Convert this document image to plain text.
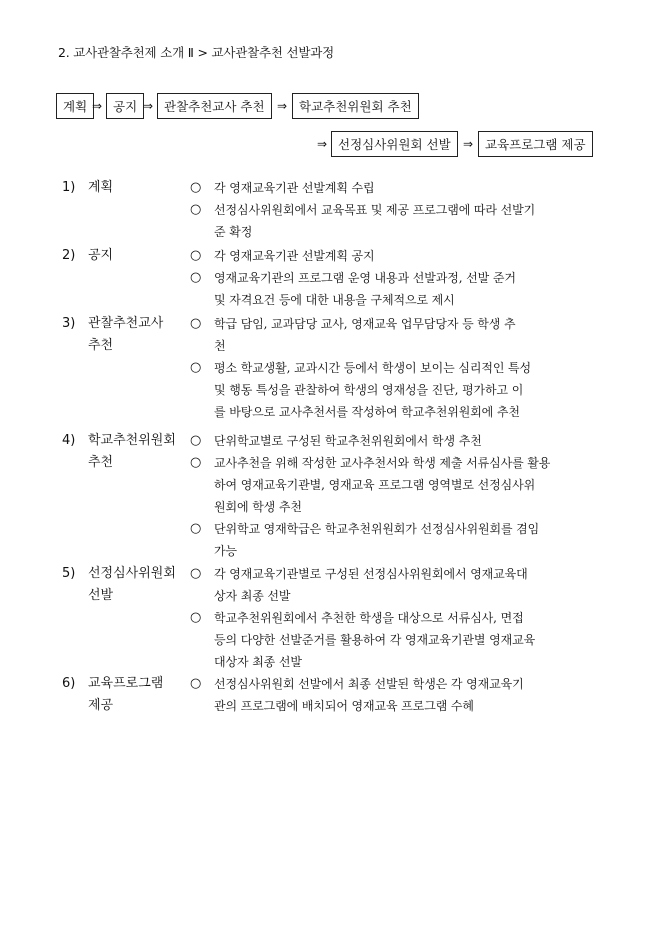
2. 교사관찰추천제 소개 Ⅱ > 교사관찰추천 선발과정
계획 ⇒ 공지 ⇒ 관찰추천교사 추천	⇒ 학교추천위원회 추천
⇒ 선정심사위원회 선발	⇒ 교육프로그램 제공
1) 계획	○	각 영재교육기관 선발계획 수립
○	선정심사위원회에서 교육목표 및 제공 프로그램에 따라 선발기
준 확정
2) 공지	○	각 영재교육기관 선발계획 공지
○	영재교육기관의 프로그램 운영 내용과 선발과정, 선발 준거
및 자격요건 등에 대한 내용을 구체적으로 제시
3) 관찰추천교사
추천
○	학급 담임, 교과담당 교사, 영재교육 업무담당자 등 학생 추
천
○	평소 학교생활, 교과시간 등에서 학생이 보이는 심리적인 특성
및 행동 특성을 관찰하여 학생의 영재성을 진단, 평가하고 이
를 바탕으로 교사추천서를 작성하여 학교추천위원회에 추천
4) 학교추천위원회
추천
○	단위학교별로 구성된 학교추천위원회에서 학생 추천
○	교사추천을 위해 작성한 교사추천서와 학생 제출 서류심사를 활용
하여 영재교육기관별, 영재교육 프로그램 영역별로 선정심사위
원회에 학생 추천
○	단위학교 영재학급은 학교추천위원회가 선정심사위원회를 겸임
가능
5) 선정심사위원회
선발
○	각 영재교육기관별로 구성된 선정심사위원회에서 영재교육대
상자 최종 선발
○	학교추천위원회에서 추천한 학생을 대상으로 서류심사, 면접
등의 다양한 선발준거를 활용하여 각 영재교육기관별 영재교육
대상자 최종 선발
6) 교육프로그램
제공
○	선정심사위원회 선발에서 최종 선발된 학생은 각 영재교육기
관의 프로그램에 배치되어 영재교육 프로그램 수혜
